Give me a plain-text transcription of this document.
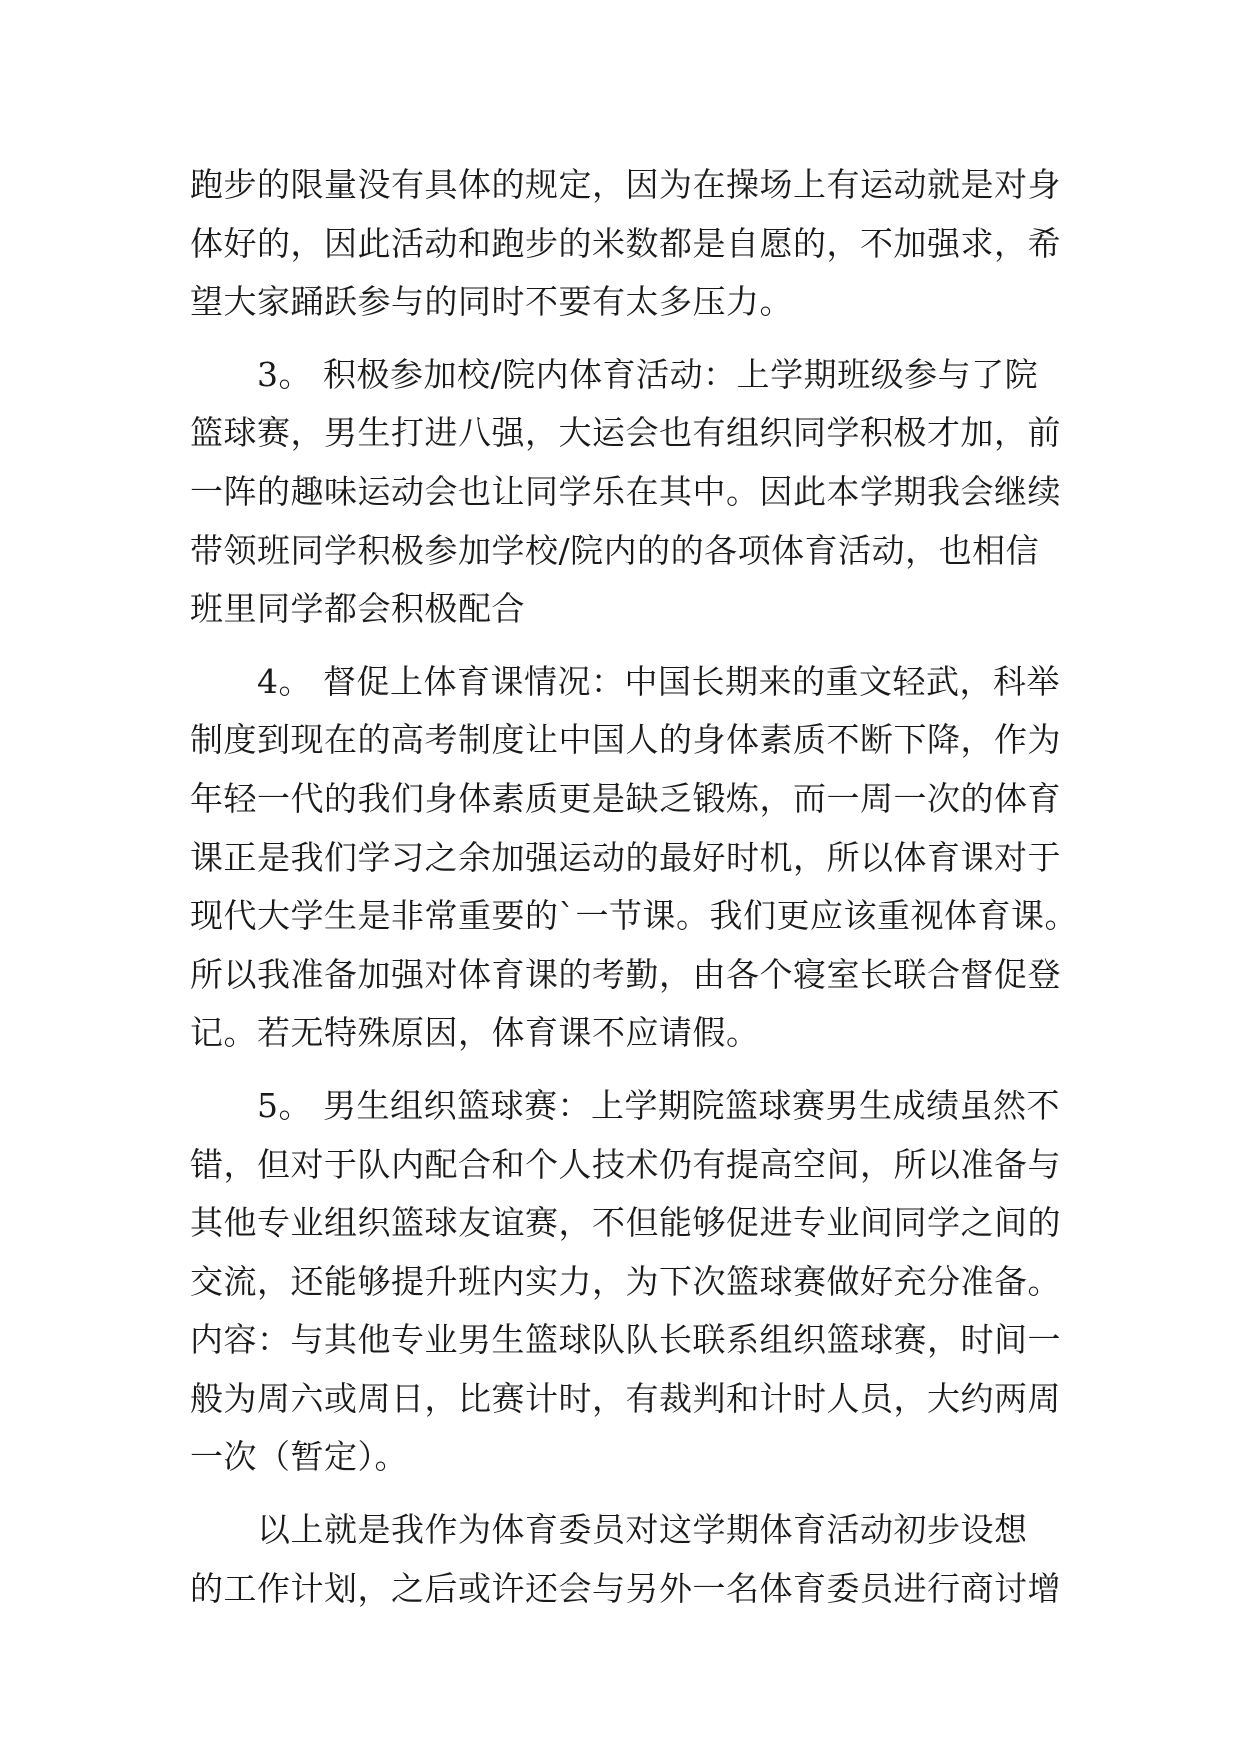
跑步的限量没有具体的规定，因为在操场上有运动就是对身
体好的，因此活动和跑步的米数都是自愿的，不加强求，希
望大家踊跃参与的同时不要有太多压力。
　　3。 积极参加校/院内体育活动：上学期班级参与了院
篮球赛，男生打进八强，大运会也有组织同学积极才加，前
一阵的趣味运动会也让同学乐在其中。因此本学期我会继续
带领班同学积极参加学校/院内的的各项体育活动，也相信
班里同学都会积极配合
　　4。 督促上体育课情况：中国长期来的重文轻武，科举
制度到现在的高考制度让中国人的身体素质不断下降，作为
年轻一代的我们身体素质更是缺乏锻炼，而一周一次的体育
课正是我们学习之余加强运动的最好时机，所以体育课对于
现代大学生是非常重要的`一节课。我们更应该重视体育课。
所以我准备加强对体育课的考勤，由各个寝室长联合督促登
记。若无特殊原因，体育课不应请假。
　　5。 男生组织篮球赛：上学期院篮球赛男生成绩虽然不
错，但对于队内配合和个人技术仍有提高空间，所以准备与
其他专业组织篮球友谊赛，不但能够促进专业间同学之间的
交流，还能够提升班内实力，为下次篮球赛做好充分准备。
内容：与其他专业男生篮球队队长联系组织篮球赛，时间一
般为周六或周日，比赛计时，有裁判和计时人员，大约两周
一次（暂定）。
　　以上就是我作为体育委员对这学期体育活动初步设想
的工作计划，之后或许还会与另外一名体育委员进行商讨增
